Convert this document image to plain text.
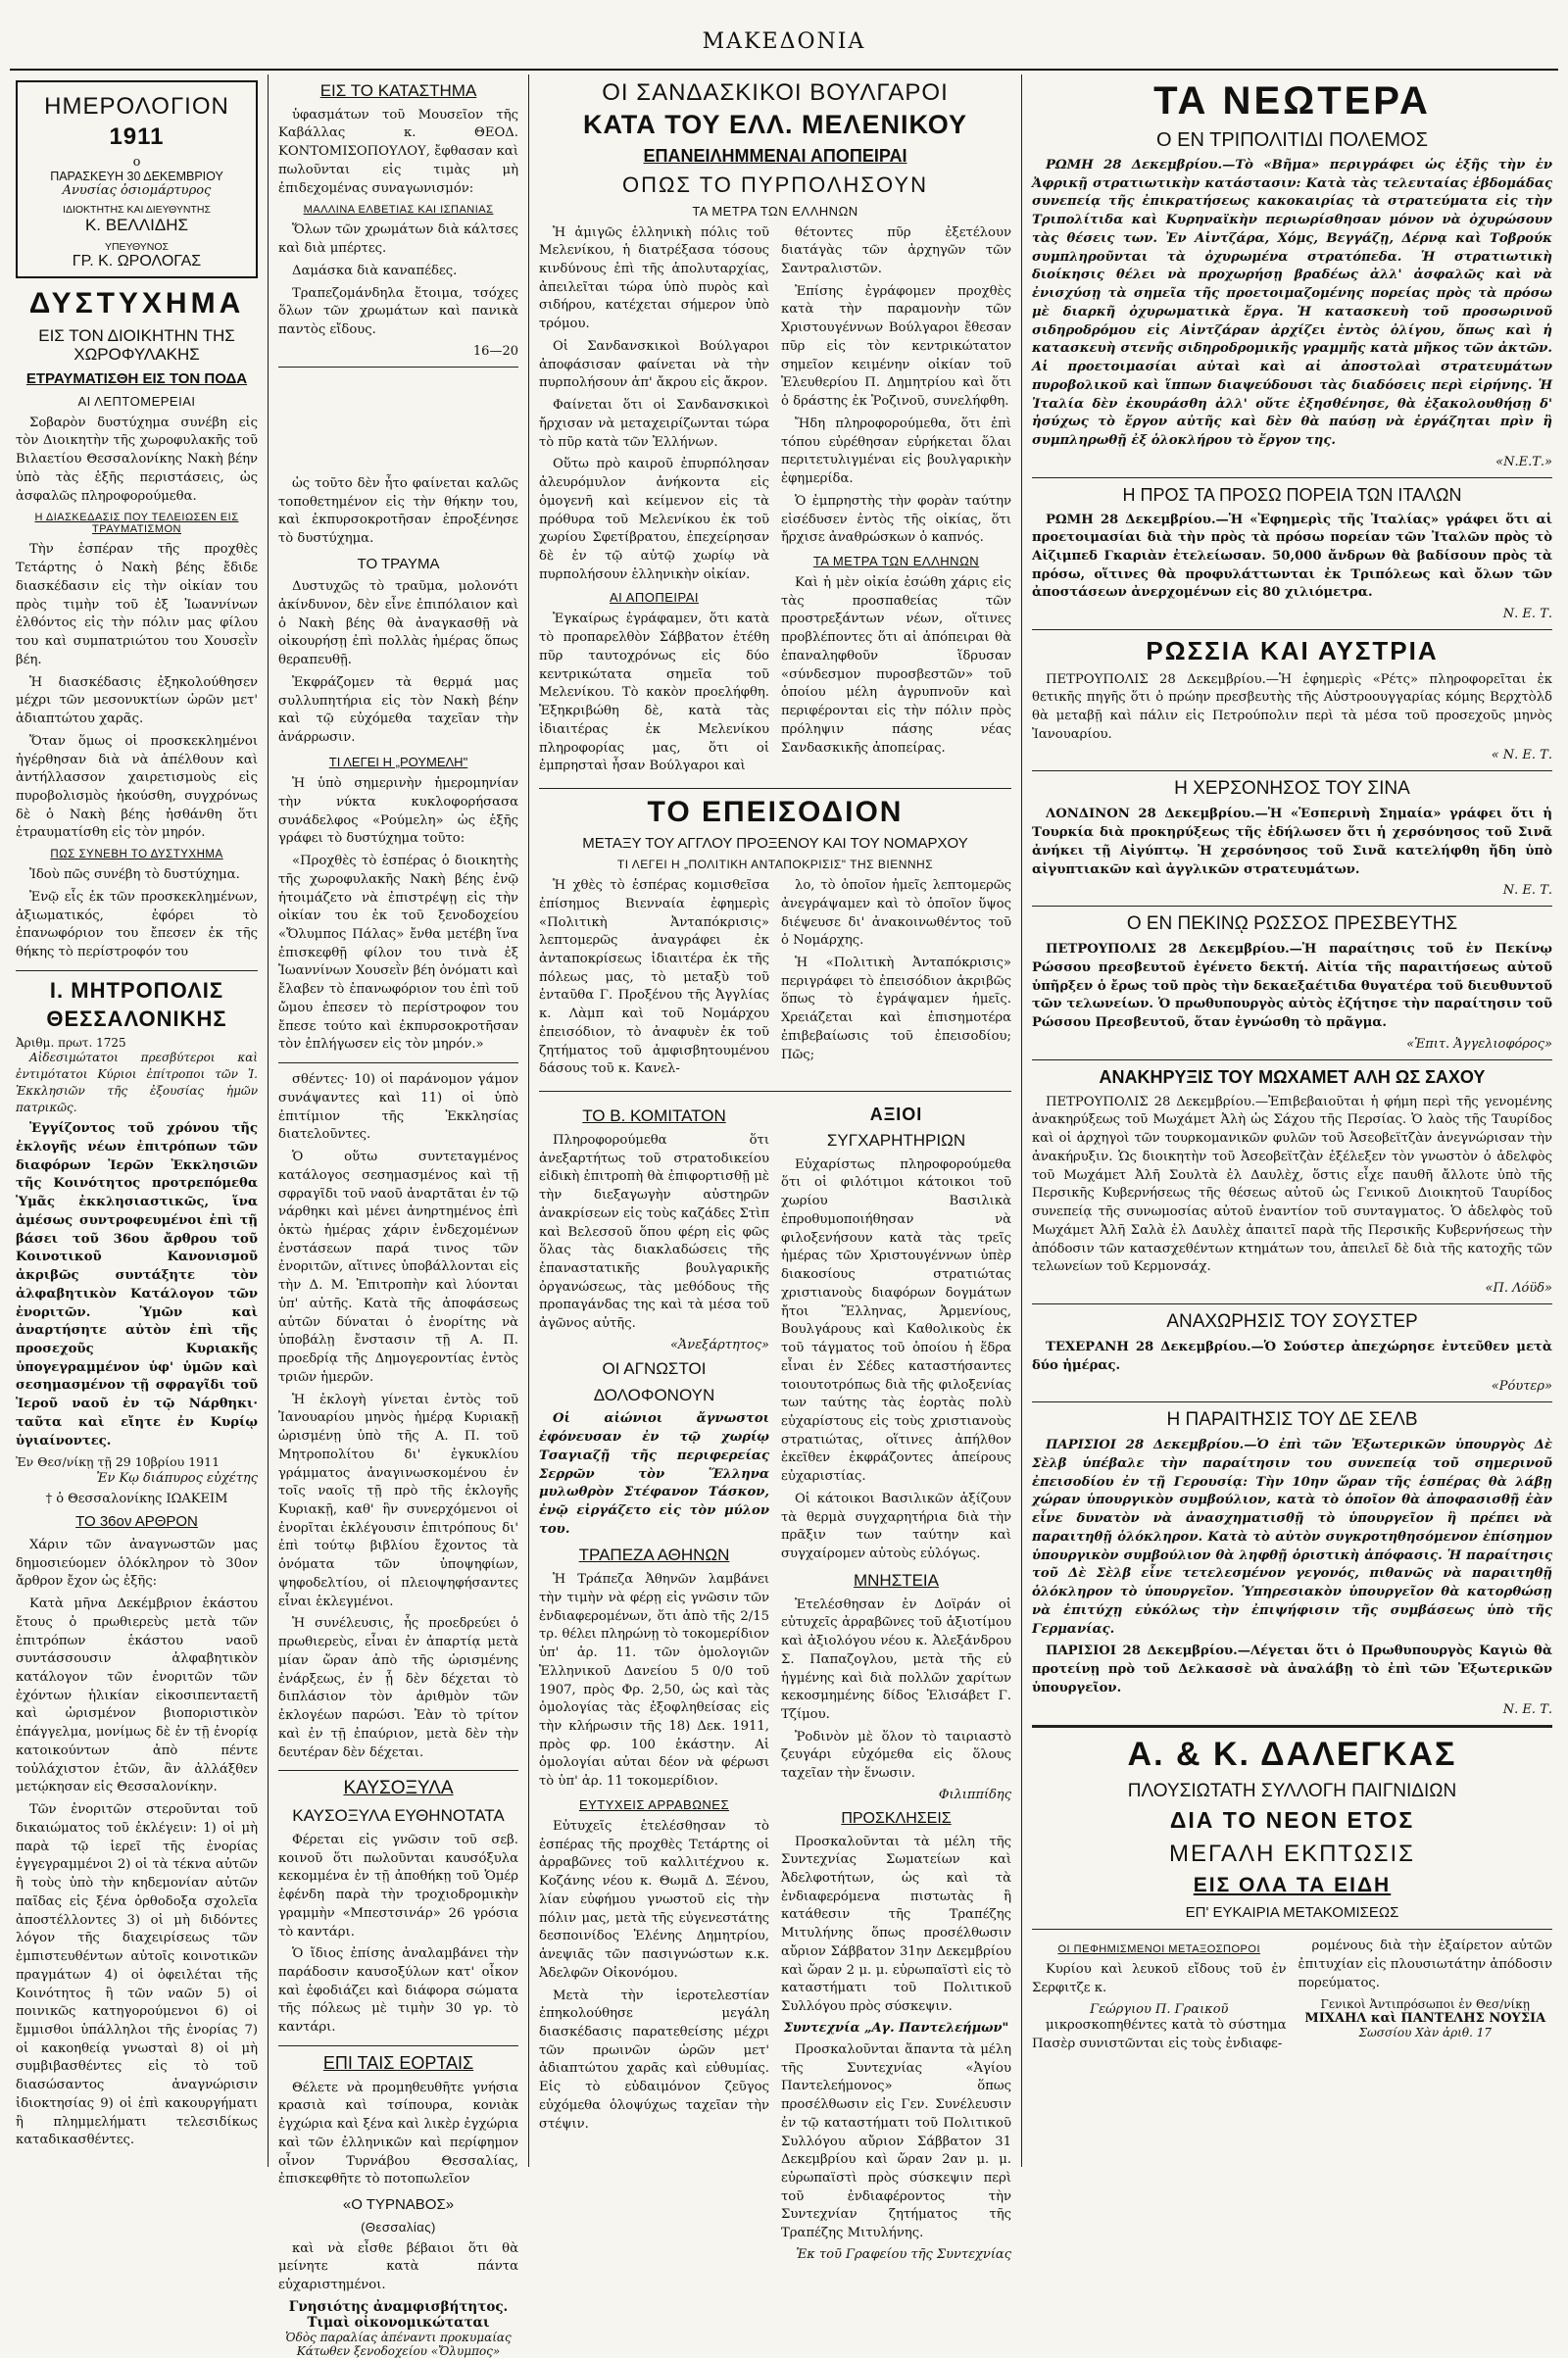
ΜΑΚΕΔΟΝΙΑ
ΗΜΕΡΟΛΟΓΙΟΝ
1911
ο
ΠΑΡΑΣΚΕΥΗ 30 ΔΕΚΕΜΒΡΙΟΥ
Ανυσίας ὁσιομάρτυρος
ΙΔΙΟΚΤΗΤΗΣ ΚΑΙ ΔΙΕΥΘΥΝΤΗΣ
Κ. ΒΕΛΛΙΔΗΣ
ΥΠΕΥΘΥΝΟΣ
ΓΡ. Κ. ΩΡΟΛΟΓΑΣ
ΔΥΣΤΥΧΗΜΑ
ΕΙΣ ΤΟΝ ΔΙΟΙΚΗΤΗΝ ΤΗΣ ΧΩΡΟΦΥΛΑΚΗΣ
ΕΤΡΑΥΜΑΤΙΣΘΗ ΕΙΣ ΤΟΝ ΠΟΔΑ
ΑΙ ΛΕΠΤΟΜΕΡΕΙΑΙ

Σοβαρὸν δυστύχημα συνέβη εἰς τὸν Διοικητὴν τῆς χωροφυλακῆς τοῦ Βιλαετίου Θεσσαλονίκης Νακὴ βέην ὑπὸ τὰς ἑξῆς περιστάσεις, ὡς ἀσφαλῶς πληροφορούμεθα.

Η ΔΙΑΣΚΕΔΑΣΙΣ ΠΟΥ ΤΕΛΕΙΩΣΕΝ ΕΙΣ ΤΡΑΥΜΑΤΙΣΜΟΝ

Τὴν ἑσπέραν τῆς προχθὲς Τετάρτης ὁ Νακὴ βέης ἔδιδε διασκέδασιν εἰς τὴν οἰκίαν του πρὸς τιμὴν τοῦ ἐξ Ἰωαννίνων ἐλθόντος εἰς τὴν πόλιν μας φίλου του καὶ συμπατριώτου του Χουσεῒν βέη.

Ἡ διασκέδασις ἐξηκολούθησεν μέχρι τῶν μεσονυκτίων ὡρῶν μετ' ἀδιαπτώτου χαρᾶς.

Ὅταν ὅμως οἱ προσκεκλημένοι ἠγέρθησαν διὰ νὰ ἀπέλθουν καὶ ἀντήλλασσον χαιρετισμοὺς εἰς πυροβολισμὸς ἠκούσθη, συγχρόνως δὲ ὁ Νακὴ βέης ἠσθάνθη ὅτι ἐτραυματίσθη εἰς τὸν μηρόν.

ΠΩΣ ΣΥΝΕΒΗ ΤΟ ΔΥΣΤΥΧΗΜΑ

Ἰδοὺ πῶς συνέβη τὸ δυστύχημα.

Ἐνῷ εἷς ἐκ τῶν προσκεκλημένων, ἀξιωματικός, ἐφόρει τὸ ἐπανωφόριον του ἔπεσεν ἐκ τῆς θήκης τὸ περίστροφόν του

Ι. ΜΗΤΡΟΠΟΛΙΣ
ΘΕΣΣΑΛΟΝΙΚΗΣ
Ἀριθμ. πρωτ. 1725

Αἰδεσιμώτατοι πρεσβύτεροι καὶ ἐντιμότατοι Κύριοι ἐπίτροποι τῶν Ἱ. Ἐκκλησιῶν τῆς ἐξουσίας ἡμῶν πατρικῶς.

Ἐγγίζοντος τοῦ χρόνου τῆς ἐκλογῆς νέων ἐπιτρόπων τῶν διαφόρων Ἱερῶν Ἐκκλησιῶν τῆς Κοινότητος προτρεπόμεθα Ὑμᾶς ἐκκλησιαστικῶς, ἵνα ἀμέσως συντροφευμένοι ἐπὶ τῇ βάσει τοῦ 36ου ἄρθρου τοῦ Κοινοτικοῦ Κανονισμοῦ ἀκριβῶς συντάξητε τὸν ἀλφαβητικὸν Κατάλογον τῶν ἐνοριτῶν. Ὑμῶν καὶ ἀναρτήσητε αὐτὸν ἐπὶ τῆς προσεχοῦς Κυριακῆς ὑπογεγραμμένον ὑφ' ὑμῶν καὶ σεσημασμένον τῇ σφραγῖδι τοῦ Ἱεροῦ ναοῦ ἐν τῷ Νάρθηκι· ταῦτα καὶ εἴητε ἐν Κυρίῳ ὑγιαίνοντες.

Ἐν Θεσ/νίκῃ τῇ 29 10βρίου 1911
Ἐν Κῳ διάπυρος εὐχέτης
† ὁ Θεσσαλονίκης ΙΩΑΚΕΙΜ
ΤΟ 36ον ΑΡΘΡΟΝ

Χάριν τῶν ἀναγνωστῶν μας δημοσιεύομεν ὁλόκληρον τὸ 30ον ἄρθρον ἔχον ὡς ἑξῆς:

Κατὰ μῆνα Δεκέμβριον ἑκάστου ἔτους ὁ πρωθιερεὺς μετὰ τῶν ἐπιτρόπων ἑκάστου ναοῦ συντάσσουσιν ἀλφαβητικὸν κατάλογον τῶν ἐνοριτῶν τῶν ἐχόντων ἡλικίαν εἰκοσιπενταετῆ καὶ ὡρισμένον βιοποριστικὸν ἐπάγγελμα, μονίμως δὲ ἐν τῇ ἐνορίᾳ κατοικούντων ἀπὸ πέντε τοὐλάχιστον ἐτῶν, ἂν ἀλλάξθεν μετῴκησαν εἰς Θεσσαλονίκην.

Τῶν ἐνοριτῶν στεροῦνται τοῦ δικαιώματος τοῦ ἐκλέγειν: 1) οἱ μὴ παρὰ τῷ ἱερεῖ τῆς ἐνορίας ἐγγεγραμμένοι 2) οἱ τὰ τέκνα αὐτῶν ἢ τοὺς ὑπὸ τὴν κηδεμονίαν αὐτῶν παῖδας εἰς ξένα ὀρθοδοξα σχολεῖα ἀποστέλλοντες 3) οἱ μὴ διδόντες λόγον τῆς διαχειρίσεως τῶν ἐμπιστευθέντων αὐτοῖς κοινοτικῶν πραγμάτων 4) οἱ ὀφειλέται τῆς Κοινότητος ἢ τῶν ναῶν 5) οἱ ποινικῶς κατηγορούμενοι 6) οἱ ἔμμισθοι ὑπάλληλοι τῆς ἐνορίας 7) οἱ κακοηθείᾳ γνωσταὶ 8) οἱ μὴ συμβιβασθέντες εἰς τὸ τοῦ διασώσαντος ἀναγνώρισιν ἰδιοκτησίας 9) οἱ ἐπὶ κακουργήματι ἢ πλημμελήματι τελεσιδίκως καταδικασθέντες.

ΕΙΣ ΤΟ ΚΑΤΑΣΤΗΜΑ

ὑφασμάτων τοῦ Μουσεῖον τῆς Καβάλλας κ. ΘΕΟΔ. ΚΟΝΤΟΜΙΣΟΠΟΥΛΟΥ, ἔφθασαν καὶ πωλοῦνται εἰς τιμὰς μὴ ἐπιδεχομένας συναγωνισμόν:

ΜΑΛΛΙΝΑ ΕΛΒΕΤΙΑΣ ΚΑΙ ΙΣΠΑΝΙΑΣ

Ὅλων τῶν χρωμάτων διὰ κάλτσες καὶ διὰ μπέρτες.

Δαμάσκα διὰ καναπέδες.

Τραπεζομάνδηλα ἕτοιμα, τσόχες ὅλων τῶν χρωμάτων καὶ πανικὰ παντὸς εἴδους.

16—20

ὡς τοῦτο δὲν ἦτο φαίνεται καλῶς τοποθετημένον εἰς τὴν θήκην του, καὶ ἐκπυρσοκροτῆσαν ἐπροξένησε τὸ δυστύχημα.

ΤΟ ΤΡΑΥΜΑ

Δυστυχῶς τὸ τραῦμα, μολονότι ἀκίνδυνον, δὲν εἶνε ἐπιπόλαιον καὶ ὁ Νακὴ βέης θὰ ἀναγκασθῇ νὰ οἰκουρήσῃ ἐπὶ πολλὰς ἡμέρας ὅπως θεραπευθῇ.

Ἐκφράζομεν τὰ θερμά μας συλλυπητήρια εἰς τὸν Νακὴ βέην καὶ τῷ εὐχόμεθα ταχεῖαν τὴν ἀνάρρωσιν.

ΤΙ ΛΕΓΕΙ Η „ΡΟΥΜΕΛΗ"

Ἡ ὑπὸ σημερινὴν ἡμερομηνίαν τὴν νύκτα κυκλοφορήσασα συνάδελφος «Ρούμελη» ὡς ἑξῆς γράφει τὸ δυστύχημα τοῦτο:

«Προχθὲς τὸ ἑσπέρας ὁ διοικητὴς τῆς χωροφυλακῆς Νακὴ βέης ἐνῷ ἡτοιμάζετο νὰ ἐπιστρέψῃ εἰς τὴν οἰκίαν του ἐκ τοῦ ξενοδοχείου «Ὄλυμπος Πάλας» ἔνθα μετέβη ἵνα ἐπισκεφθῇ φίλον του τινὰ ἐξ Ἰωαννίνων Χουσεῒν βέη ὀνόματι καὶ ἔλαβεν τὸ ἐπανωφόριον του ἐπὶ τοῦ ὤμου ἐπεσεν τὸ περίστροφον του ἔπεσε τούτο καὶ ἐκπυρσοκροτῆσαν τὸν ἐπλήγωσεν εἰς τὸν μηρόν.»

σθέντες· 10) οἱ παράνομον γάμον συνάψαντες καὶ 11) οἱ ὑπὸ ἐπιτίμιον τῆς Ἐκκλησίας διατελοῦντες.

Ὁ οὕτω συντεταγμένος κατάλογος σεσημασμένος καὶ τῇ σφραγῖδι τοῦ ναοῦ ἀναρτᾶται ἐν τῷ νάρθηκι καὶ μένει ἀνηρτημένος ἐπὶ ὀκτὼ ἡμέρας χάριν ἐνδεχομένων ἐνστάσεων παρά τινος τῶν ἐνοριτῶν, αἵτινες ὑποβάλλονται εἰς τὴν Δ. Μ. Ἐπιτροπὴν καὶ λύονται ὑπ' αὐτῆς. Κατὰ τῆς ἀποφάσεως αὐτῶν δύναται ὁ ἐνορίτης νὰ ὑποβάλῃ ἔνστασιν τῇ Α. Π. προεδρίᾳ τῆς Δημογεροντίας ἐντὸς τριῶν ἡμερῶν.

Ἡ ἐκλογὴ γίνεται ἐντὸς τοῦ Ἰανουαρίου μηνὸς ἡμέρᾳ Κυριακῇ ὡρισμένῃ ὑπὸ τῆς Α. Π. τοῦ Μητροπολίτου δι' ἐγκυκλίου γράμματος ἀναγινωσκομένου ἐν τοῖς ναοῖς τῇ πρὸ τῆς ἐκλογῆς Κυριακῇ, καθ' ἣν συνερχόμενοι οἱ ἐνορῖται ἐκλέγουσιν ἐπιτρόπους δι' ἐπὶ τούτῳ βιβλίου ἔχοντος τὰ ὀνόματα τῶν ὑποψηφίων, ψηφοδελτίου, οἱ πλειοψηφήσαντες εἶναι ἐκλεγμένοι.

Ἡ συνέλευσις, ἧς προεδρεύει ὁ πρωθιερεὺς, εἶναι ἐν ἀπαρτίᾳ μετὰ μίαν ὥραν ἀπὸ τῆς ὡρισμένης ἐνάρξεως, ἐν ᾗ δὲν δέχεται τὸ διπλάσιον τὸν ἀριθμὸν τῶν ἐκλογέων παρώσι. Ἐὰν τὸ τρίτον καὶ ἐν τῇ ἐπαύριον, μετὰ δὲν τὴν δευτέραν δὲν δέχεται.

ΚΑΥΣΟΞΥΛΑ
ΚΑΥΣΟΞΥΛΑ ΕΥΘΗΝΟΤΑΤΑ

Φέρεται εἰς γνῶσιν τοῦ σεβ. κοινοῦ ὅτι πωλοῦνται καυσόξυλα κεκομμένα ἐν τῇ ἀποθήκῃ τοῦ Ὁμέρ ἐφένδη παρὰ τὴν τροχιοδρομικὴν γραμμὴν «Μπεστσινάρ» 26 γρόσια τὸ καντάρι.

Ὁ ἴδιος ἐπίσης ἀναλαμβάνει τὴν παράδοσιν καυσοξύλων κατ' οἶκον καὶ ἐφοδιάζει καὶ διάφορα σώματα τῆς πόλεως μὲ τιμὴν 30 γρ. τὸ καντάρι.

ΕΠΙ ΤΑΙΣ ΕΟΡΤΑΙΣ

Θέλετε νὰ προμηθευθῆτε γνήσια κρασιὰ καὶ τσίπουρα, κονιὰκ ἐγχώρια καὶ ξένα καὶ λικὲρ ἐγχώρια καὶ τῶν ἐλληνικῶν καὶ περίφημον οἶνον Τυρνάβου Θεσσαλίας, ἐπισκεφθῆτε τὸ ποτοπωλεῖον

«Ο ΤΥΡΝΑΒΟΣ»
(Θεσσαλίας)

καὶ νὰ εἶσθε βέβαιοι ὅτι θὰ μείνητε κατὰ πάντα εὐχαριστημένοι.

Γνησιότης ἀναμφισβήτητος. Τιμαὶ οἰκονομικώταται
Ὁδὸς παραλίας ἀπέναντι προκυμαίας
Κάτωθεν ξενοδοχείου «Ὄλυμπος»
ΟΙ ΣΑΝΔΑΣΚΙΚΟΙ ΒΟΥΛΓΑΡΟΙ
ΚΑΤΑ ΤΟΥ ΕΛΛ. ΜΕΛΕΝΙΚΟΥ
ΕΠΑΝΕΙΛΗΜΜΕΝΑΙ ΑΠΟΠΕΙΡΑΙ
ΟΠΩΣ ΤΟ ΠΥΡΠΟΛΗΣΟΥΝ
ΤΑ ΜΕΤΡΑ ΤΩΝ ΕΛΛΗΝΩΝ

Ἡ ἀμιγῶς ἑλληνικὴ πόλις τοῦ Μελενίκου, ἡ διατρέξασα τόσους κινδύνους ἐπὶ τῆς ἀπολυταρχίας, ἀπειλεῖται τώρα ὑπὸ πυρὸς καὶ σιδήρου, κατέχεται σήμερον ὑπὸ τρόμου.

Οἱ Σανδανσκικοὶ Βούλγαροι ἀποφάσισαν φαίνεται νὰ τὴν πυρπολήσουν ἀπ' ἄκρου εἰς ἄκρον.

Φαίνεται ὅτι οἱ Σανδανσκικοὶ ἤρχισαν νὰ μεταχειρίζωνται τώρα τὸ πῦρ κατὰ τῶν Ἑλλήνων.

Οὕτω πρὸ καιροῦ ἐπυρπόλησαν ἀλευρόμυλον ἀνήκοντα εἰς ὁμογενῆ καὶ κείμενον εἰς τὰ πρόθυρα τοῦ Μελενίκου ἐκ τοῦ χωρίου Σφετίβρατου, ἐπεχείρησαν δὲ ἐν τῷ αὐτῷ χωρίῳ νὰ πυρπολήσουν ἑλληνικὴν οἰκίαν.

ΑΙ ΑΠΟΠΕΙΡΑΙ

Ἐγκαίρως ἐγράφαμεν, ὅτι κατὰ τὸ προπαρελθὸν Σάββατον ἐτέθη πῦρ ταυτοχρόνως εἰς δύο κεντρικώτατα σημεῖα τοῦ Μελενίκου. Τὸ κακὸν προελήφθη. Ἐξηκριβώθη δὲ, κατὰ τὰς ἰδιαιτέρας ἐκ Μελενίκου πληροφορίας μας, ὅτι οἱ ἐμπρησταὶ ἦσαν Βούλγαροι καὶ

θέτοντες πῦρ ἐξετέλουν διατάγὰς τῶν ἀρχηγῶν τῶν Σαντραλιστῶν.

Ἐπίσης ἐγράφομεν προχθὲς κατὰ τὴν παραμονὴν τῶν Χριστουγέννων Βούλγαροι ἔθεσαν πῦρ εἰς τὸν κεντρικώτατον σημεῖον κειμένην οἰκίαν τοῦ Ἐλευθερίου Π. Δημητρίου καὶ ὅτι ὁ δράστης ἐκ Ῥοζινοῦ, συνελήφθη.

Ἤδη πληροφορούμεθα, ὅτι ἐπὶ τόπου εὑρέθησαν εὑρήκεται ὅλαι περιτετυλιγμέναι εἰς βουλγαρικὴν ἐφημερίδα.

Ὁ ἐμπρηστὴς τὴν φορὰν ταύτην εἰσέδυσεν ἐντὸς τῆς οἰκίας, ὅτι ἤρχισε ἀναθρώσκων ὁ καπνός.

ΤΑ ΜΕΤΡΑ ΤΩΝ ΕΛΛΗΝΩΝ

Καὶ ἡ μὲν οἰκία ἐσώθη χάρις εἰς τὰς προσπαθείας τῶν προστρεξάντων νέων, οἵτινες προβλέποντες ὅτι αἱ ἀπόπειραι θὰ ἐπαναληφθοῦν ἵδρυσαν «σύνδεσμον πυροσβεστῶν» τοῦ ὁποίου μέλη ἀγρυπνοῦν καὶ περιφέρονται εἰς τὴν πόλιν πρὸς πρόληψιν πάσης νέας Σανδασκικῆς ἀποπείρας.

ΤΟ ΕΠΕΙΣΟΔΙΟΝ
ΜΕΤΑΞΥ ΤΟΥ ΑΓΓΛΟΥ ΠΡΟΞΕΝΟΥ ΚΑΙ ΤΟΥ ΝΟΜΑΡΧΟΥ
ΤΙ ΛΕΓΕΙ Η „ΠΟΛΙΤΙΚΗ ΑΝΤΑΠΟΚΡΙΣΙΣ" ΤΗΣ ΒΙΕΝΝΗΣ

Ἡ χθὲς τὸ ἑσπέρας κομισθεῖσα ἐπίσημος Βιενναία ἐφημερὶς «Πολιτικὴ Ἀνταπόκρισις» λεπτομερῶς ἀναγράφει ἐκ ἀνταποκρίσεως ἰδιαιτέρα ἐκ τῆς πόλεως μας, τὸ μεταξὺ τοῦ ἐνταῦθα Γ. Προξένου τῆς Ἀγγλίας κ. Λὰμπ καὶ τοῦ Νομάρχου ἐπεισόδιον, τὸ ἀναφυὲν ἐκ τοῦ ζητήματος τοῦ ἀμφισβητουμένου δάσους τοῦ κ. Κανελ-

λο, τὸ ὁποῖον ἠμεῖς λεπτομερῶς ἀνεγράψαμεν καὶ τὸ ὁποῖον ὕψος διέψευσε δι' ἀνακοινωθέντος τοῦ ὁ Νομάρχης.

Ἡ «Πολιτικὴ Ἀνταπόκρισις» περιγράφει τὸ ἐπεισόδιον ἀκριβῶς ὅπως τὸ ἐγράψαμεν ἡμεῖς. Χρειάζεται καὶ ἐπισημοτέρα ἐπιβεβαίωσις τοῦ ἐπεισοδίου; Πῶς;

ΤΟ Β. ΚΟΜΙΤΑΤΟΝ

Πληροφορούμεθα ὅτι ἀνεξαρτήτως τοῦ στρατοδικείου εἰδικὴ ἐπιτροπὴ θὰ ἐπιφορτισθῇ μὲ τὴν διεξαγωγὴν αὐστηρῶν ἀνακρίσεων εἰς τοὺς καζάδες Στὶπ καὶ Βελεσσοῦ ὅπου φέρη εἰς φῶς ὅλας τὰς διακλαδώσεις τῆς ἐπαναστατικῆς βουλγαρικῆς ὀργανώσεως, τὰς μεθόδους τῆς προπαγάνδας της καὶ τὰ μέσα τοῦ ἀγῶνος αὐτῆς.

«Ἀνεξάρτητος»
ΟΙ ΑΓΝΩΣΤΟΙ
ΔΟΛΟΦΟΝΟΥΝ

Οἱ αἰώνιοι ἄγνωστοι ἐφόνευσαν ἐν τῷ χωρίῳ Τσαγιαζῇ τῆς περιφερείας Σερρῶν τὸν Ἕλληνα μυλωθρὸν Στέφανον Τάσκον, ἐνῷ εἰργάζετο εἰς τὸν μύλον του.

ΤΡΑΠΕΖΑ ΑΘΗΝΩΝ

Ἡ Τράπεζα Ἀθηνῶν λαμβάνει τὴν τιμὴν νὰ φέρῃ εἰς γνῶσιν τῶν ἐνδιαφερομένων, ὅτι ἀπὸ τῆς 2/15 τρ. θέλει πληρώνῃ τὸ τοκομερίδιον ὑπ' ἀρ. 11. τῶν ὁμολογιῶν Ἑλληνικοῦ Δανείου 5 0/0 τοῦ 1907, πρὸς Φρ. 2,50, ὡς καὶ τὰς ὁμολογίας τὰς ἐξοφληθείσας εἰς τὴν κλήρωσιν τῆς 18) Δεκ. 1911, πρὸς φρ. 100 ἑκάστην. Αἱ ὁμολογίαι αὐται δέον νὰ φέρωσι τὸ ὑπ' ἀρ. 11 τοκομερίδιον.

ΕΥΤΥΧΕΙΣ ΑΡΡΑΒΩΝΕΣ

Εὐτυχεῖς ἐτελέσθησαν τὸ ἑσπέρας τῆς προχθὲς Τετάρτης οἱ ἀρραβῶνες τοῦ καλλιτέχνου κ. Κοζάνης νέου κ. Θωμᾶ Δ. Ξένου, λίαν εὐφήμου γνωστοῦ εἰς τὴν πόλιν μας, μετὰ τῆς εὐγενεστάτης δεσποινίδος Ἑλένης Δημητρίου, ἀνεψιᾶς τῶν πασιγνώστων κ.κ. Ἀδελφῶν Οἰκονόμου.

Μετὰ τὴν ἱεροτελεστίαν ἐπηκολούθησε μεγάλη διασκέδασις παρατεθείσης μέχρι τῶν πρωινῶν ὡρῶν μετ' ἀδιαπτώτου χαρᾶς καὶ εὐθυμίας. Εἰς τὸ εὐδαιμόνον ζεῦγος εὐχόμεθα ὁλοψύχως ταχεῖαν τὴν στέψιν.

ΑΞΙΟΙ
ΣΥΓΧΑΡΗΤΗΡΙΩΝ

Εὐχαρίστως πληροφορούμεθα ὅτι οἱ φιλότιμοι κάτοικοι τοῦ χωρίου Βασιλικὰ ἐπροθυμοποιήθησαν νὰ φιλοξενήσουν κατὰ τὰς τρεῖς ἡμέρας τῶν Χριστουγέννων ὑπὲρ διακοσίους στρατιώτας χριστιανοὺς διαφόρων δογμάτων ἤτοι Ἕλληνας, Ἀρμενίους, Βουλγάρους καὶ Καθολικοὺς ἐκ τοῦ τάγματος τοῦ ὁποίου ἡ ἕδρα εἶναι ἐν Σέδες καταστήσαντες τοιουτοτρόπως διὰ τῆς φιλοξενίας των ταύτης τὰς ἑορτὰς πολὺ εὐχαρίστους εἰς τοὺς χριστιανοὺς στρατιώτας, οἵτινες ἀπήλθον ἐκεῖθεν ἐκφράζοντες ἀπείρους εὐχαριστίας.

Οἱ κάτοικοι Βασιλικῶν ἀξίζουν τὰ θερμὰ συγχαρητήρια διὰ τὴν πρᾶξιν των ταύτην καὶ συγχαίρομεν αὐτοὺς εὐλόγως.

ΜΝΗΣΤΕΙΑ

Ἐτελέσθησαν ἐν Δοϊράν οἱ εὐτυχεῖς ἀρραβῶνες τοῦ ἀξιοτίμου καὶ ἀξιολόγου νέου κ. Ἀλεξάνδρου Σ. Παπαζογλου, μετὰ τῆς εὐ ἡγμένης καὶ διὰ πολλῶν χαρίτων κεκοσμημένης δίδος Ἐλισάβετ Γ. Τζίμου.

Ῥοδινὸν μὲ ὅλον τὸ ταιριαστὸ ζευγάρι εὐχόμεθα εἰς ὅλους ταχεῖαν τὴν ἕνωσιν.

Φιλιππίδης
ΠΡΟΣΚΛΗΣΕΙΣ

Προσκαλοῦνται τὰ μέλη τῆς Συντεχνίας Σωματείων καὶ Ἀδελφοτήτων, ὡς καὶ τὰ ἐνδιαφερόμενα πιστωτὰς ἢ κατάθεσιν τῆς Τραπέζης Μιτυλήνης ὅπως προσέλθωσιν αὔριον Σάββατον 31ην Δεκεμβρίου καὶ ὥραν 2 μ. μ. εὐρωπαϊστὶ εἰς τὸ καταστήματι τοῦ Πολιτικοῦ Συλλόγου πρὸς σύσκεψιν.

Συντεχνία „Αγ. Παντελεήμων"

Προσκαλοῦνται ἅπαντα τὰ μέλη τῆς Συντεχνίας «Ἁγίου Παντελεήμονος» ὅπως προσέλθωσιν εἰς Γεν. Συνέλευσιν ἐν τῷ καταστήματι τοῦ Πολιτικοῦ Συλλόγου αὔριον Σάββατον 31 Δεκεμβρίου καὶ ὥραν 2αν μ. μ. εὐρωπαϊστὶ πρὸς σύσκεψιν περὶ τοῦ ἐνδιαφέροντος τὴν Συντεχνίαν ζητήματος τῆς Τραπέζης Μιτυλήνης.

Ἐκ τοῦ Γραφείου τῆς Συντεχνίας
ΤΑ ΝΕΩΤΕΡΑ
Ο ΕΝ ΤΡΙΠΟΛΙΤΙΔΙ ΠΟΛΕΜΟΣ

ΡΩΜΗ 28 Δεκεμβρίου.—Τὸ «Βῆμα» περιγράφει ὡς ἑξῆς τὴν ἐν Ἀφρικῇ στρατιωτικὴν κατάστασιν: Κατὰ τὰς τελευταίας ἑβδομάδας συνεπείᾳ τῆς ἐπικρατήσεως κακοκαιρίας τὰ στρατεύματα εἰς τὴν Τριπολίτιδα καὶ Κυρηναϊκὴν περιωρίσθησαν μόνον νὰ ὀχυρώσουν τὰς θέσεις των. Ἐν Αἰντζάρα, Χόμς, Βεγγάζῃ, Δέρνᾳ καὶ Τοβρούκ συμπληροῦνται τὰ ὀχυρωμένα στρατόπεδα. Ἡ στρατιωτικὴ διοίκησις θέλει νὰ προχωρήσῃ βραδέως ἀλλ' ἀσφαλῶς καὶ νὰ ἐνισχύσῃ τὰ σημεῖα τῆς προετοιμαζομένης πορείας πρὸς τὰ πρόσω μὲ διαρκῆ ὀχυρωματικὰ ἔργα. Ἡ κατασκευὴ τοῦ προσωρινοῦ σιδηροδρόμου εἰς Αἰντζάραν ἀρχίζει ἐντὸς ὀλίγου, ὅπως καὶ ἡ κατασκευὴ στενῆς σιδηροδρομικῆς γραμμῆς κατὰ μῆκος τῶν ἀκτῶν. Αἱ προετοιμασίαι αὐταὶ καὶ αἱ ἀποστολαὶ στρατευμάτων πυροβολικοῦ καὶ ἵππων διαψεύδουσι τὰς διαδόσεις περὶ εἰρήνης. Ἡ Ἰταλία δὲν ἐκουράσθη ἀλλ' οὔτε ἐξησθένησε, θὰ ἐξακολουθήσῃ δ' ἡσύχως τὸ ἔργον αὐτῆς καὶ δὲν θὰ παύσῃ νὰ ἐργάζηται πρὶν ἢ συμπληρωθῇ ἐξ ὁλοκλήρου τὸ ἔργον της.

«Ν.Ε.Τ.»
Η ΠΡΟΣ ΤΑ ΠΡΟΣΩ ΠΟΡΕΙΑ ΤΩΝ ΙΤΑΛΩΝ

ΡΩΜΗ 28 Δεκεμβρίου.—Ἡ «Ἐφημερὶς τῆς Ἰταλίας» γράφει ὅτι αἱ προετοιμασίαι διὰ τὴν πρὸς τὰ πρόσω πορείαν τῶν Ἰταλῶν πρὸς τὸ Αἰζιμπεδ Γκαριὰν ἐτελείωσαν. 50,000 ἄνδρων θὰ βαδίσουν πρὸς τὰ πρόσω, οἵτινες θὰ προφυλάττωνται ἐκ Τριπόλεως καὶ ὄλων τῶν ἀποστάσεων ἀνερχομένων εἰς 80 χιλιόμετρα.

Ν. Ε. Τ.
ΡΩΣΣΙΑ ΚΑΙ ΑΥΣΤΡΙΑ

ΠΕΤΡΟΥΠΟΛΙΣ 28 Δεκεμβρίου.—Ἡ ἐφημερὶς «Ρέτς» πληροφορεῖται ἐκ θετικῆς πηγῆς ὅτι ὁ πρώην πρεσβευτὴς τῆς Αὐστροουγγαρίας κόμης Βερχτὸλδ θὰ μεταβῇ καὶ πάλιν εἰς Πετρούπολιν περὶ τὰ μέσα τοῦ προσεχοῦς μηνὸς Ἰανουαρίου.

« Ν. Ε. Τ.
Η ΧΕΡΣΟΝΗΣΟΣ ΤΟΥ ΣΙΝΑ

ΛΟΝΔΙΝΟΝ 28 Δεκεμβρίου.—Ἡ «Ἑσπερινὴ Σημαία» γράφει ὅτι ἡ Τουρκία διὰ προκηρύξεως τῆς ἐδήλωσεν ὅτι ἡ χερσόνησος τοῦ Σινᾶ ἀνήκει τῇ Αἰγύπτῳ. Ἡ χερσόνησος τοῦ Σινᾶ κατελήφθη ἤδη ὑπὸ αἰγυπτιακῶν καὶ ἀγγλικῶν στρατευμάτων.

Ν. Ε. Τ.
Ο ΕΝ ΠΕΚΙΝῼ ΡΩΣΣΟΣ ΠΡΕΣΒΕΥΤΗΣ

ΠΕΤΡΟΥΠΟΛΙΣ 28 Δεκεμβρίου.—Ἡ παραίτησις τοῦ ἐν Πεκίνῳ Ρώσσου πρεσβευτοῦ ἐγένετο δεκτή. Αἰτία τῆς παραιτήσεως αὐτοῦ ὑπῆρξεν ὁ ἔρως τοῦ πρὸς τὴν δεκαεξαέτιδα θυγατέρα τοῦ διευθυντοῦ τῶν τελωνείων. Ὁ πρωθυπουργὸς αὐτὸς ἐζήτησε τὴν παραίτησιν τοῦ Ρώσσου Πρεσβευτοῦ, ὅταν ἐγνώσθη τὸ πρᾶγμα.

«Ἐπιτ. Ἀγγελιοφόρος»
ΑΝΑΚΗΡΥΞΙΣ ΤΟΥ ΜΩΧΑΜΕΤ ΑΛΗ ΩΣ ΣΑΧΟΥ

ΠΕΤΡΟΥΠΟΛΙΣ 28 Δεκεμβρίου.—Ἐπιβεβαιοῦται ἡ φήμη περὶ τῆς γενομένης ἀνακηρύξεως τοῦ Μωχάμετ Ἀλὴ ὡς Σάχου τῆς Περσίας. Ὁ λαὸς τῆς Ταυρίδος καὶ οἱ ἀρχηγοὶ τῶν τουρκομανικῶν φυλῶν τοῦ Ἀσεοβεϊτζὰν ἀνεγνώρισαν τὴν ἀνακήρυξιν. Ὡς διοικητὴν τοῦ Ἀσεοβεϊτζὰν ἐξέλεξεν τὸν γνωστὸν ὁ ἀδελφὸς τοῦ Μωχάμετ Ἀλῆ Σουλτὰ ἐλ Δαυλὲχ, ὅστις εἶχε παυθῆ ἄλλοτε ὑπὸ τῆς Περσικῆς Κυβερνήσεως τῆς θέσεως αὐτοῦ ὡς Γενικοῦ Διοικητοῦ Ταυρίδος συνεπείᾳ τῆς συνωμοσίας αὐτοῦ ἐναντίον τοῦ συνταγματος. Ὁ ἀδελφὸς τοῦ Μωχάμετ Ἀλῆ Σαλὰ ἐλ Δαυλὲχ ἀπαιτεῖ παρὰ τῆς Περσικῆς Κυβερνήσεως τὴν ἀπόδοσιν τῶν κατασχεθέντων κτημάτων του, ἀπειλεῖ δὲ διὰ τῆς κατοχῆς τῶν τελωνείων τοῦ Κερμονσάχ.

«Π. Λόϋδ»
ΑΝΑΧΩΡΗΣΙΣ ΤΟΥ ΣΟΥΣΤΕΡ

ΤΕΧΕΡΑΝΗ 28 Δεκεμβρίου.—Ὁ Σούστερ ἀπεχώρησε ἐντεῦθεν μετὰ δύο ἡμέρας.

«Ρόυτερ»
Η ΠΑΡΑΙΤΗΣΙΣ ΤΟΥ ΔΕ ΣΕΛΒ

ΠΑΡΙΣΙΟΙ 28 Δεκεμβρίου.—Ὁ ἐπὶ τῶν Ἐξωτερικῶν ὑπουργὸς Δὲ Σὲλβ ὑπέβαλε τὴν παραίτησιν του συνεπείᾳ τοῦ σημερινοῦ ἐπεισοδίου ἐν τῇ Γερουσίᾳ: Τὴν 10ην ὥραν τῆς ἑσπέρας θὰ λάβῃ χώραν ὑπουργικὸν συμβούλιον, κατὰ τὸ ὁποῖον θὰ ἀποφασισθῇ ἐὰν εἶνε δυνατὸν νὰ ἀνασχηματισθῇ τὸ ὑπουργεῖον ἢ πρέπει νὰ παραιτηθῇ ὁλόκληρον. Κατὰ τὸ αὐτὸν συγκροτηθησόμενον ἐπίσημον ὑπουργικὸν συμβούλιον θὰ ληφθῇ ὁριστικὴ ἀπόφασις. Ἡ παραίτησις τοῦ Δὲ Σὲλβ εἶνε τετελεσμένον γεγονός, πιθανῶς νὰ παραιτηθῇ ὁλόκληρον τὸ ὑπουργεῖον. Ὑπηρεσιακὸν ὑπουργεῖον θὰ κατορθώσῃ νὰ ἐπιτύχῃ εὐκόλως τὴν ἐπιψήφισιν τῆς συμβάσεως ὑπὸ τῆς Γερμανίας.

ΠΑΡΙΣΙΟΙ 28 Δεκεμβρίου.—Λέγεται ὅτι ὁ Πρωθυπουργὸς Καγιὼ θὰ προτείνῃ πρὸ τοῦ Δελκασσὲ νὰ ἀναλάβῃ τὸ ἐπὶ τῶν Ἐξωτερικῶν ὑπουργεῖον.

Ν. Ε. Τ.
Α. & Κ. ΔΑΛΕΓΚΑΣ
ΠΛΟΥΣΙΩΤΑΤΗ ΣΥΛΛΟΓΗ ΠΑΙΓΝΙΔΙΩΝ
ΔΙΑ ΤΟ ΝΕΟΝ ΕΤΟΣ
ΜΕΓΑΛΗ ΕΚΠΤΩΣΙΣ
ΕΙΣ ΟΛΑ ΤΑ ΕΙΔΗ
ΕΠ' ΕΥΚΑΙΡΙΑ ΜΕΤΑΚΟΜΙΣΕΩΣ
ΟΙ ΠΕΦΗΜΙΣΜΕΝΟΙ ΜΕΤΑΞΟΣΠΟΡΟΙ

Κυρίου καὶ λευκοῦ εἴδους τοῦ ἐν Σερφιτζε κ.

Γεώργιου Π. Γραικοῦ

μικροσκοπηθέντες κατὰ τὸ σύστημα Πασὲρ συνιστῶνται εἰς τοὺς ἐνδιαφε-

ρομένους διὰ τὴν ἐξαίρετον αὐτῶν ἐπιτυχίαν εἰς πλουσιωτάτην ἀπόδοσιν πορεύματος.

Γενικοὶ Ἀντιπρόσωποι ἐν Θεσ/νίκῃ
ΜΙΧΑΗΛ καὶ ΠΑΝΤΕΛΗΣ ΝΟΥΣΙΑ
Σωσσίου Χὰν ἀριθ. 17
